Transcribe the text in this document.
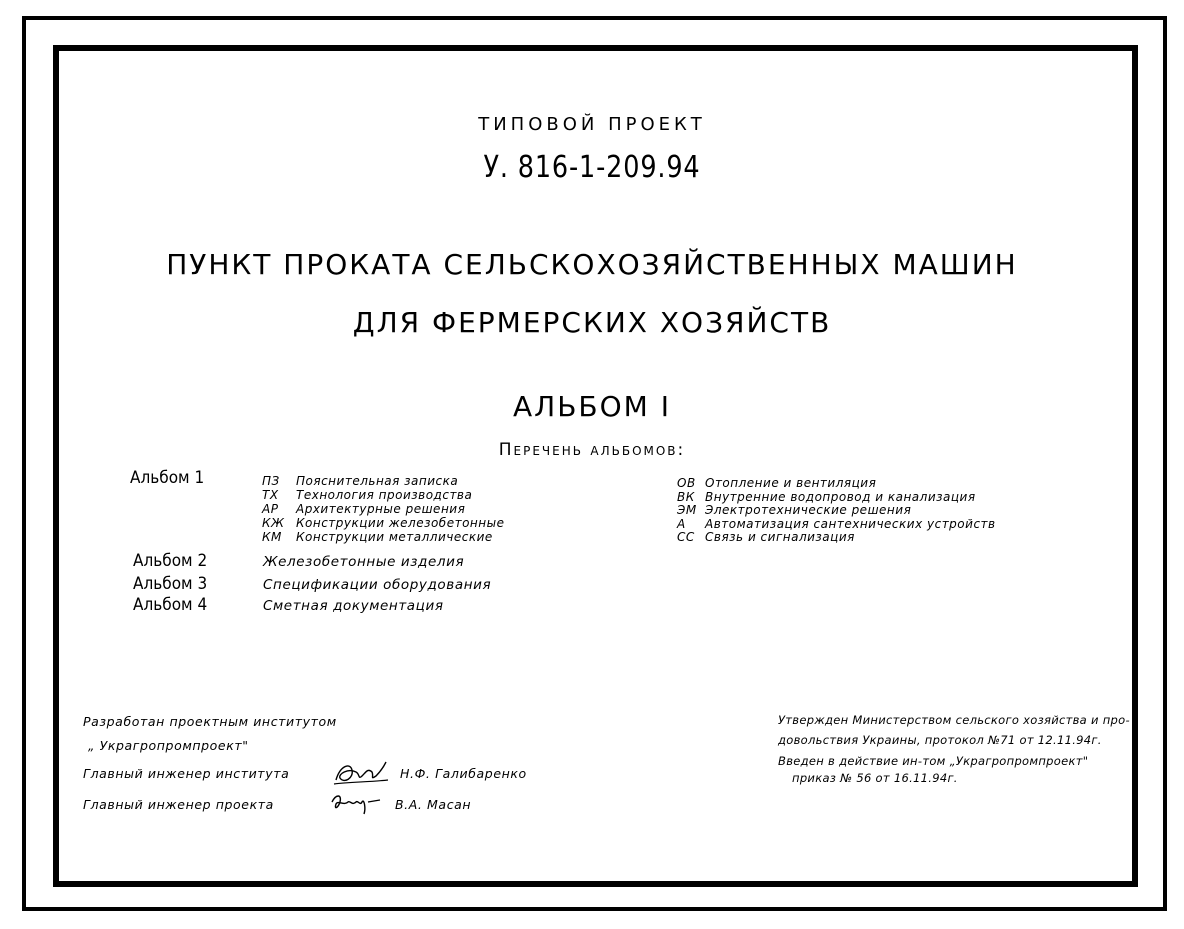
ТИПОВОЙ ПРОЕКТ
У. 816-1-209.94
ПУНКТ ПРОКАТА СЕЛЬСКОХОЗЯЙСТВЕННЫХ МАШИН
ДЛЯ ФЕРМЕРСКИХ ХОЗЯЙСТВ
АЛЬБОМ I
Перечень альбомов:
Альбом 1	ПЗ Пояснительная записка
ТХ Технология производства
АР Архитектурные решения
КЖ Конструкции железобетонные
КМ Конструкции металлические
ОВ Отопление и вентиляция
ВК Внутренние водопровод и канализация
ЭМ Электротехнические решения
А Автоматизация сантехнических устройств
СС Связь и сигнализация
Альбом 2	Железобетонные изделия
Альбом 3	Спецификации оборудования
Альбом 4	Сметная документация
Разработан проектным институтом
„ Украгропромпроект"
Главный инженер института	Н.Ф. Галибаренко
Главный инженер проекта	В.А. Масан
Утвержден Министерством сельского хозяйства и про-
довольствия Украины, протокол №71 от 12.11.94г.
Введен в действие ин-том „Украгропромпроект"
приказ № 56 от 16.11.94г.
